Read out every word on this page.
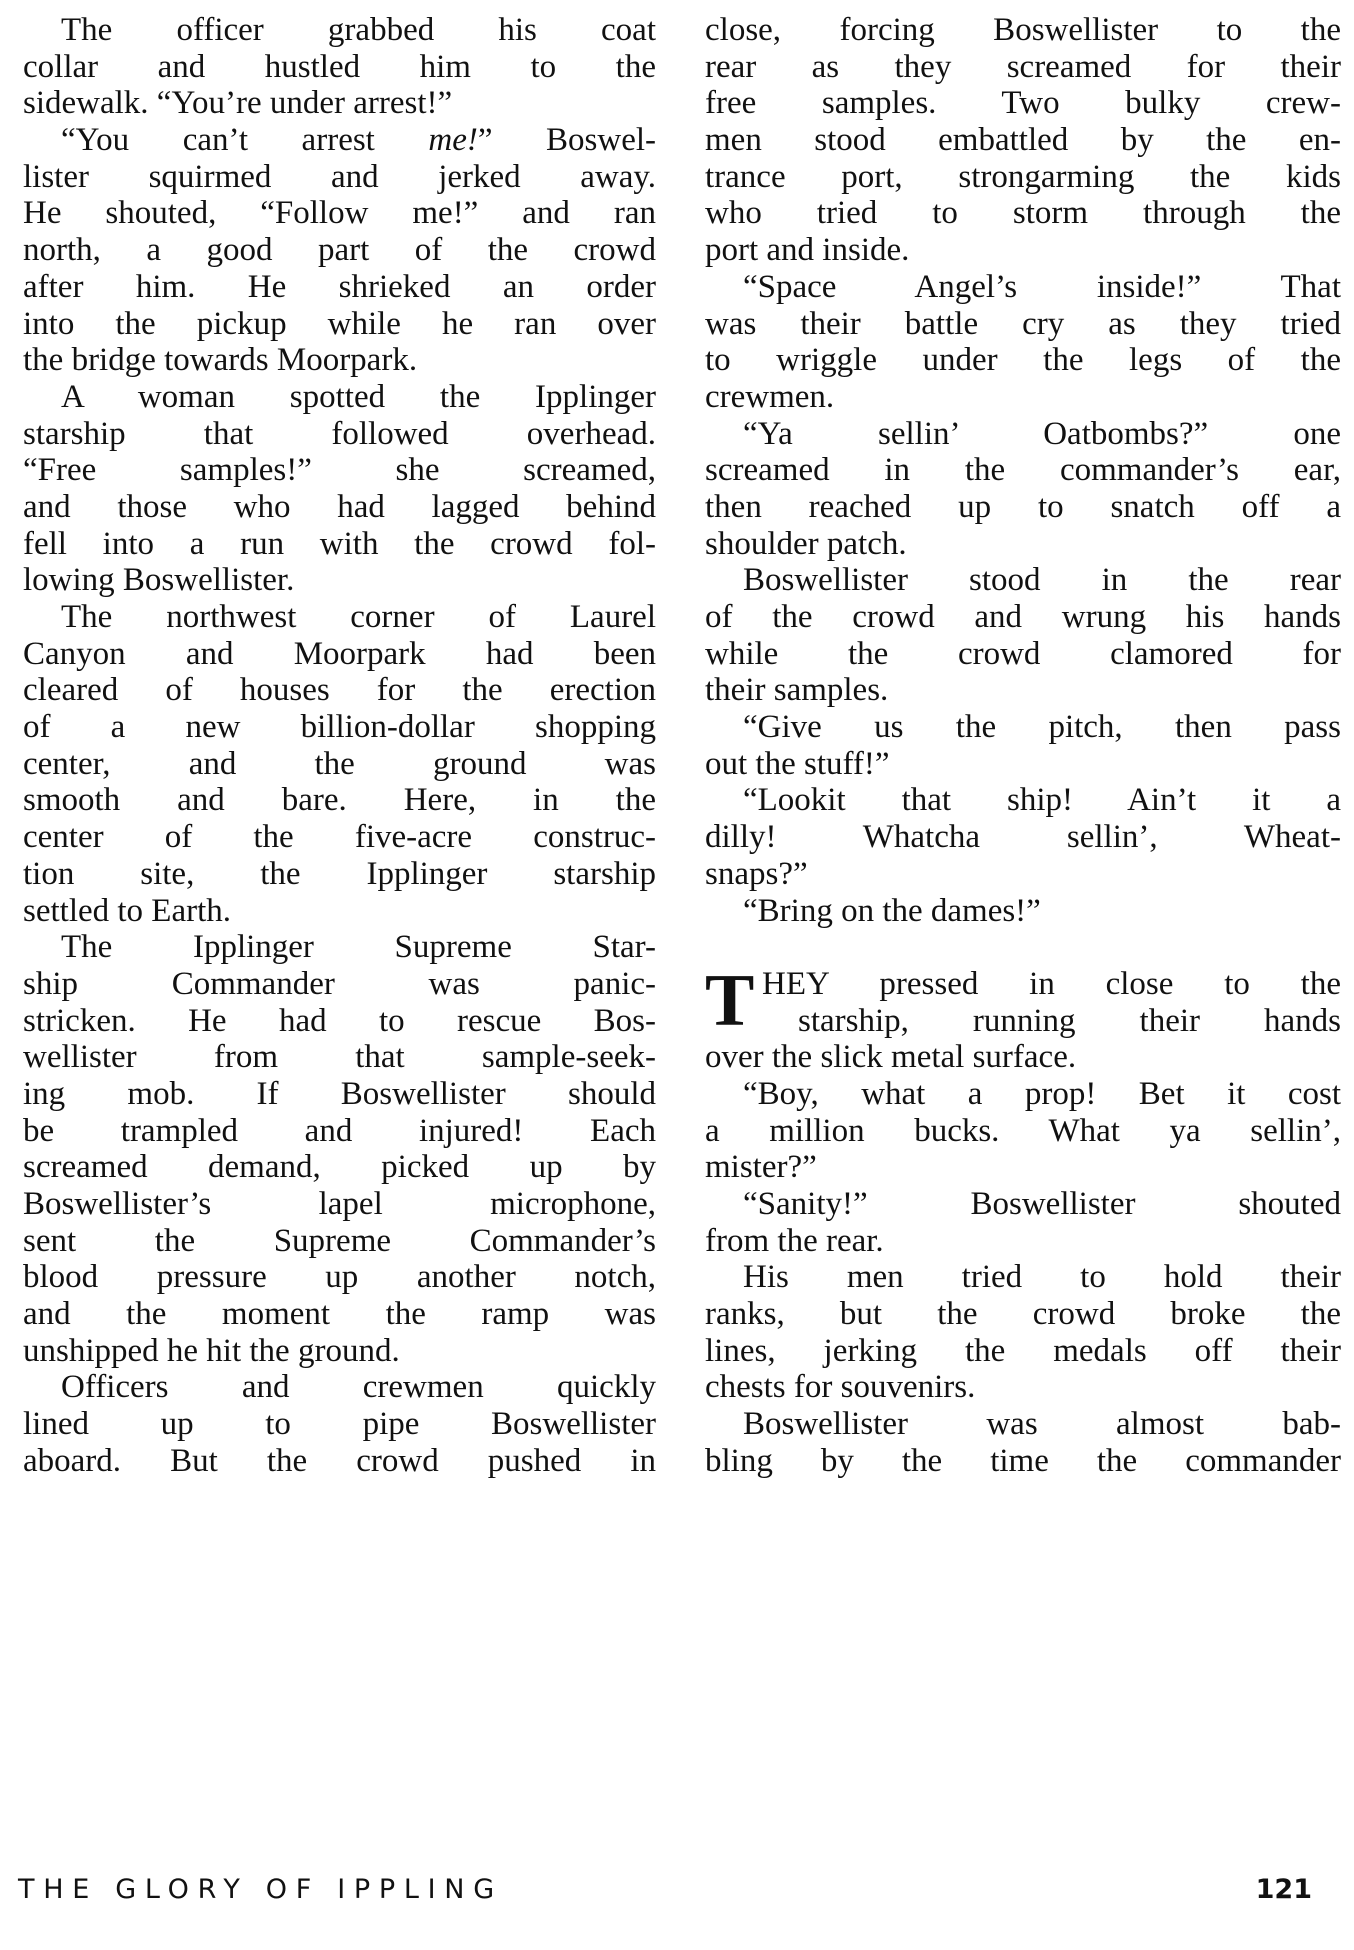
The officer grabbed his coat
collar and hustled him to the
sidewalk. “You’re under arrest!”
“You can’t arrest me!” Boswel-
lister squirmed and jerked away.
He shouted, “Follow me!” and ran
north, a good part of the crowd
after him. He shrieked an order
into the pickup while he ran over
the bridge towards Moorpark.
A woman spotted the Ipplinger
starship that followed overhead.
“Free samples!” she screamed,
and those who had lagged behind
fell into a run with the crowd fol-
lowing Boswellister.
The northwest corner of Laurel
Canyon and Moorpark had been
cleared of houses for the erection
of a new billion-dollar shopping
center, and the ground was
smooth and bare. Here, in the
center of the five-acre construc-
tion site, the Ipplinger starship
settled to Earth.
The Ipplinger Supreme Star-
ship Commander was panic-
stricken. He had to rescue Bos-
wellister from that sample-seek-
ing mob. If Boswellister should
be trampled and injured! Each
screamed demand, picked up by
Boswellister’s lapel microphone,
sent the Supreme Commander’s
blood pressure up another notch,
and the moment the ramp was
unshipped he hit the ground.
Officers and crewmen quickly
lined up to pipe Boswellister
aboard. But the crowd pushed in
close, forcing Boswellister to the
rear as they screamed for their
free samples. Two bulky crew-
men stood embattled by the en-
trance port, strongarming the kids
who tried to storm through the
port and inside.
“Space Angel’s inside!” That
was their battle cry as they tried
to wriggle under the legs of the
crewmen.
“Ya sellin’ Oatbombs?” one
screamed in the commander’s ear,
then reached up to snatch off a
shoulder patch.
Boswellister stood in the rear
of the crowd and wrung his hands
while the crowd clamored for
their samples.
“Give us the pitch, then pass
out the stuff!”
“Lookit that ship! Ain’t it a
dilly! Whatcha sellin’, Wheat-
snaps?”
“Bring on the dames!”
T HEY pressed in close to the
starship, running their hands
over the slick metal surface.
“Boy, what a prop! Bet it cost
a million bucks. What ya sellin’,
mister?”
“Sanity!” Boswellister shouted
from the rear.
His men tried to hold their
ranks, but the crowd broke the
lines, jerking the medals off their
chests for souvenirs.
Boswellister was almost bab-
bling by the time the commander
THE GLORY OF IPPLING	121
